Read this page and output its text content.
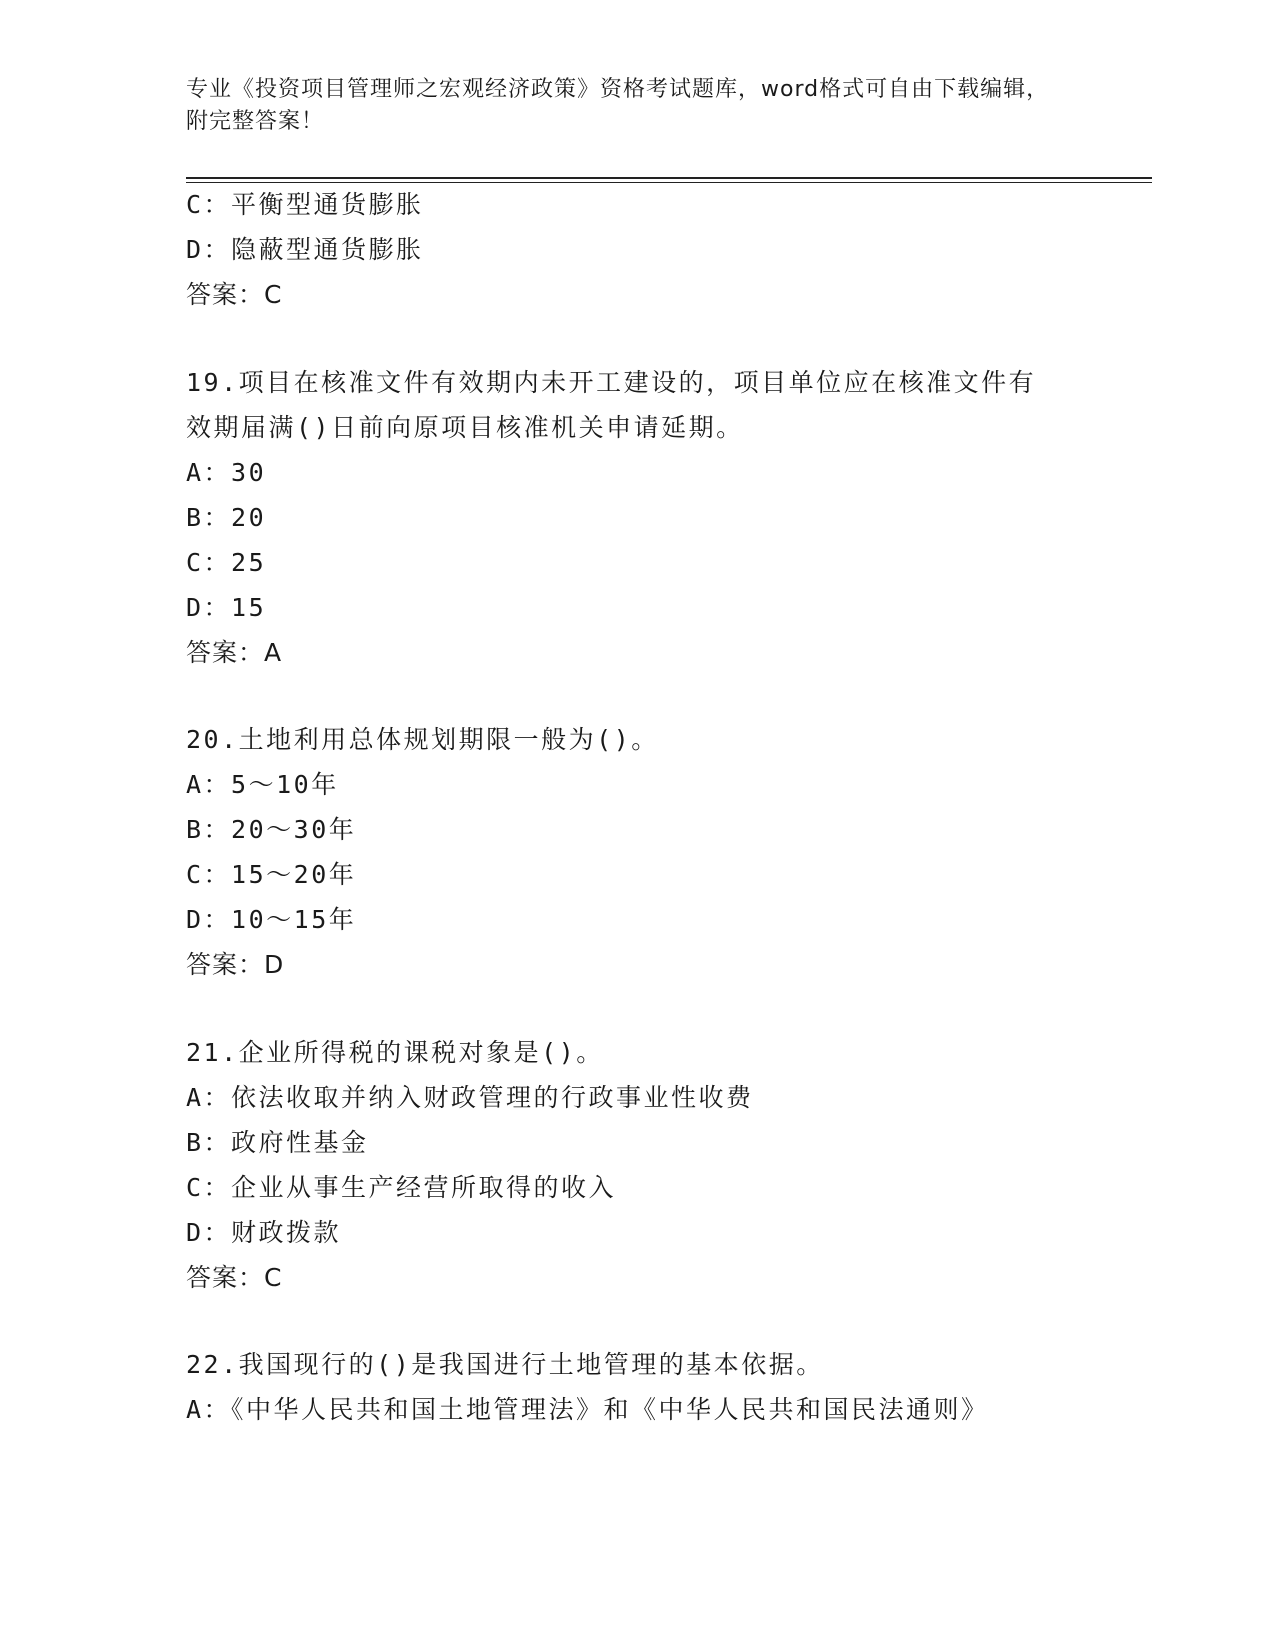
专业《投资项目管理师之宏观经济政策》资格考试题库，word格式可自由下载编辑，附完整答案！
C：平衡型通货膨胀
D：隐蔽型通货膨胀
答案：C
19.项目在核准文件有效期内未开工建设的，项目单位应在核准文件有
效期届满()日前向原项目核准机关申请延期。
A：30
B：20
C：25
D：15
答案：A
20.土地利用总体规划期限一般为()。
A：5～10年
B：20～30年
C：15～20年
D：10～15年
答案：D
21.企业所得税的课税对象是()。
A：依法收取并纳入财政管理的行政事业性收费
B：政府性基金
C：企业从事生产经营所取得的收入
D：财政拨款
答案：C
22.我国现行的()是我国进行土地管理的基本依据。
A：《中华人民共和国土地管理法》和《中华人民共和国民法通则》
